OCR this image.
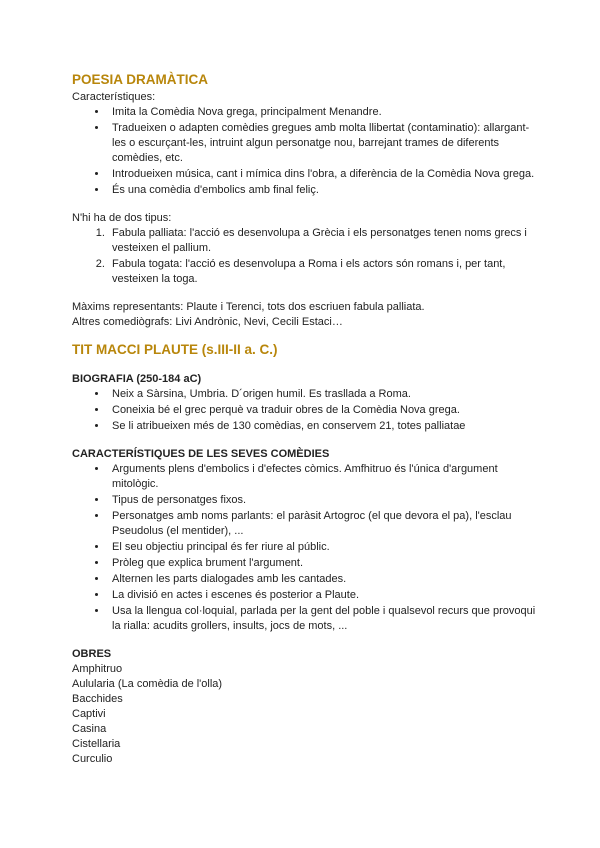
POESIA DRAMÀTICA
Característiques:
• Imita la Comèdia Nova grega, principalment Menandre.
• Tradueixen o adapten comèdies gregues amb molta llibertat (contaminatio): allargant-les o escurçant-les, intruint algun personatge nou, barrejant trames de diferents comèdies, etc.
• Introdueixen música, cant i mímica dins l'obra, a diferència de la Comèdia Nova grega.
• És una comèdia d'embolics amb final feliç.
N'hi ha de dos tipus:
1. Fabula palliata: l'acció es desenvolupa a Grècia i els personatges tenen noms grecs i vesteixen el pallium.
2. Fabula togata: l'acció es desenvolupa a Roma i els actors són romans i, per tant, vesteixen la toga.
Màxims representants: Plaute i Terenci, tots dos escriuen fabula palliata.
Altres comediògrafs: Livi Andrònic, Nevi, Cecili Estaci…
TIT MACCI PLAUTE (s.III-II a. C.)
BIOGRAFIA (250-184 aC)
• Neix a Sàrsina, Umbria. D´origen humil. Es trasllada a Roma.
• Coneixia bé el grec perquè va traduir obres de la Comèdia Nova grega.
• Se li atribueixen més de 130 comèdias, en conservem 21, totes palliatae
CARACTERÍSTIQUES DE LES SEVES COMÈDIES
• Arguments plens d'embolics i d'efectes còmics. Amfhitruo és l'única d'argument mitològic.
• Tipus de personatges fixos.
• Personatges amb noms parlants: el paràsit Artogroc (el que devora el pa), l'esclau Pseudolus (el mentider), ...
• El seu objectiu principal és fer riure al públic.
• Pròleg que explica brument l'argument.
• Alternen les parts dialogades amb les cantades.
• La divisió en actes i escenes és posterior a Plaute.
• Usa la llengua col·loquial, parlada per la gent del poble i qualsevol recurs que provoqui la rialla: acudits grollers, insults, jocs de mots, ...
OBRES
Amphitruo
Aulularia (La comèdia de l'olla)
Bacchides
Captivi
Casina
Cistellaria
Curculio
